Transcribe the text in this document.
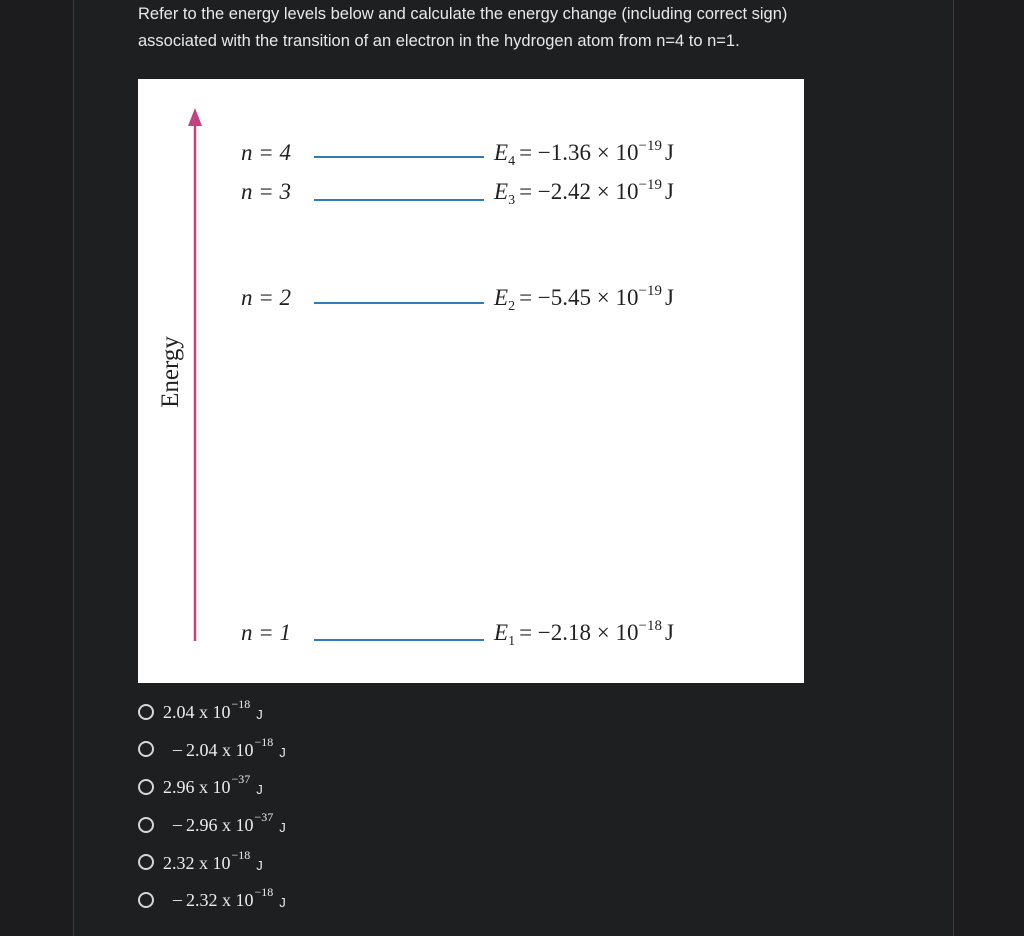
Refer to the energy levels below and calculate the energy change (including correct sign)
associated with the transition of an electron in the hydrogen atom from n=4 to n=1.
Energy
n = 4	$E_4 = -1.36 \times 10^{-19}$ J
n = 3	$E_3 = -2.42 \times 10^{-19}$ J
n = 2	$E_2 = -5.45 \times 10^{-19}$ J
n = 1	$E_1 = -2.18 \times 10^{-18}$ J
2.04 x $10^{-18}$
J
– 2.04 x $10^{-18}$
J
2.96 x $10^{-37}$
J
– 2.96 x $10^{-37}$
J
2.32 x $10^{-18}$
J
– 2.32 x $10^{-18}$
J
